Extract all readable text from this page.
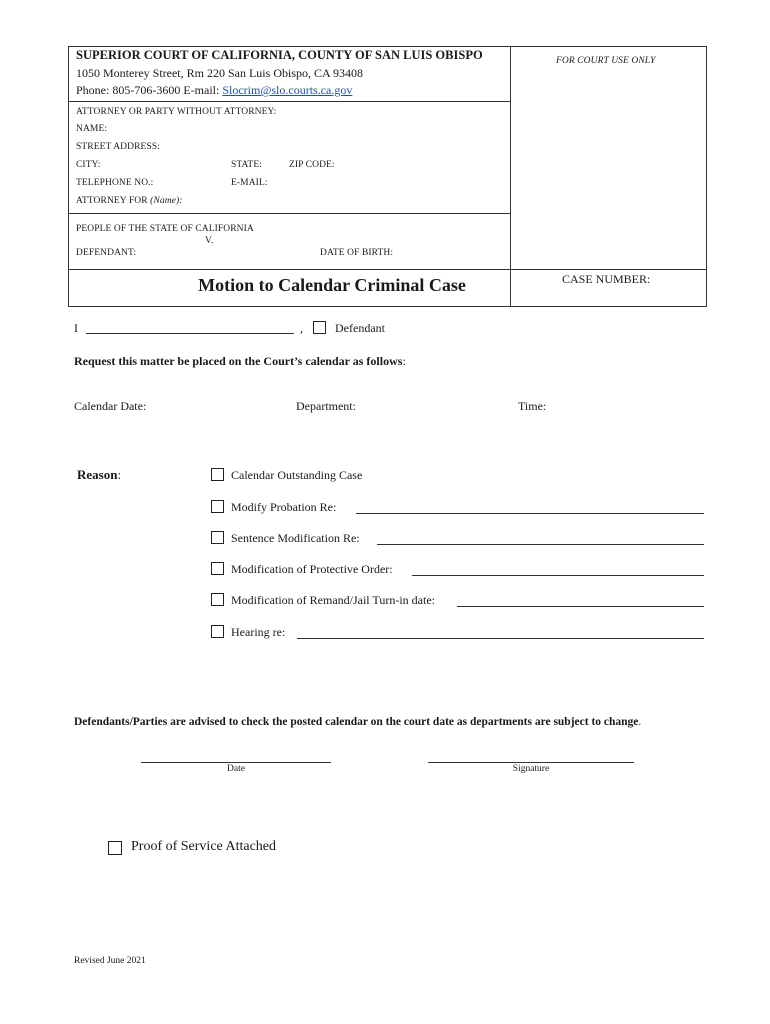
SUPERIOR COURT OF CALIFORNIA, COUNTY OF SAN LUIS OBISPO
1050 Monterey Street, Rm 220 San Luis Obispo, CA 93408
Phone: 805-706-3600 E-mail: Slocrim@slo.courts.ca.gov
FOR COURT USE ONLY
ATTORNEY OR PARTY WITHOUT ATTORNEY:
NAME:
STREET ADDRESS:
CITY:	STATE:	ZIP CODE:
TELEPHONE NO.:	E-MAIL:
ATTORNEY FOR (Name):
PEOPLE OF THE STATE OF CALIFORNIA
V.
DEFENDANT:	DATE OF BIRTH:
Motion to Calendar Criminal Case	CASE NUMBER:
I	,	Defendant
Request this matter be placed on the Court’s calendar as follows:
Calendar Date:	Department:	Time:
Reason:	Calendar Outstanding Case
Modify Probation Re:
Sentence Modification Re:
Modification of Protective Order:
Modification of Remand/Jail Turn-in date:
Hearing re:
Defendants/Parties are advised to check the posted calendar on the court date as departments are subject to change.
Date	Signature
Proof of Service Attached
Revised June 2021
